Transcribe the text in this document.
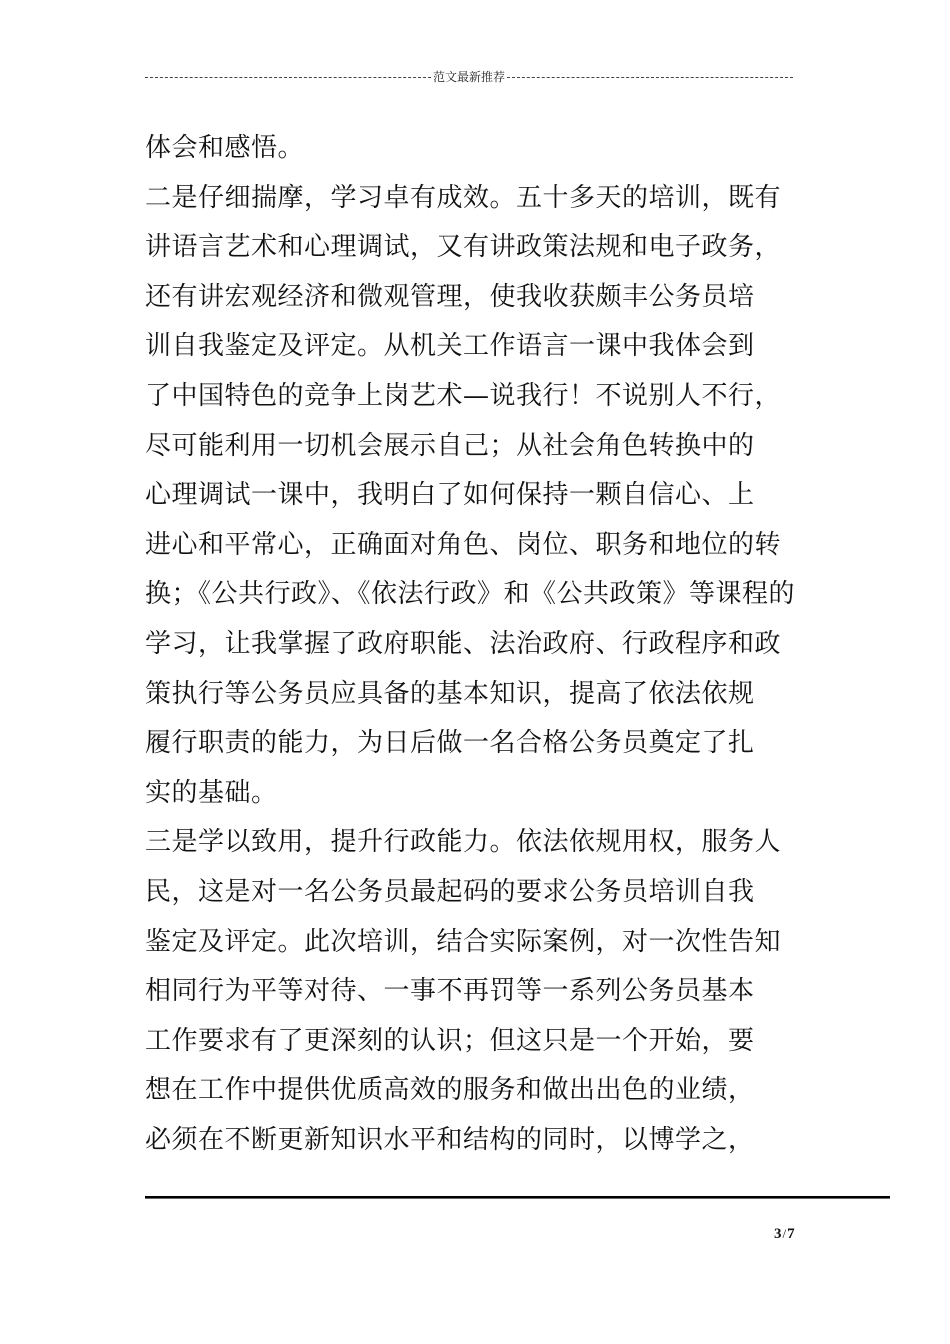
范文最新推荐
体会和感悟。
二是仔细揣摩，学习卓有成效。五十多天的培训，既有
讲语言艺术和心理调试，又有讲政策法规和电子政务，
还有讲宏观经济和微观管理，使我收获颇丰公务员培
训自我鉴定及评定。从机关工作语言一课中我体会到
了中国特色的竞争上岗艺术—说我行！不说别人不行，
尽可能利用一切机会展示自己；从社会角色转换中的
心理调试一课中，我明白了如何保持一颗自信心、上
进心和平常心，正确面对角色、岗位、职务和地位的转
换；《公共行政》、《依法行政》和《公共政策》等课程的
学习，让我掌握了政府职能、法治政府、行政程序和政
策执行等公务员应具备的基本知识，提高了依法依规
履行职责的能力，为日后做一名合格公务员奠定了扎
实的基础。
三是学以致用，提升行政能力。依法依规用权，服务人
民，这是对一名公务员最起码的要求公务员培训自我
鉴定及评定。此次培训，结合实际案例，对一次性告知
相同行为平等对待、一事不再罚等一系列公务员基本
工作要求有了更深刻的认识；但这只是一个开始，要
想在工作中提供优质高效的服务和做出出色的业绩，
必须在不断更新知识水平和结构的同时，以博学之，
3/7
